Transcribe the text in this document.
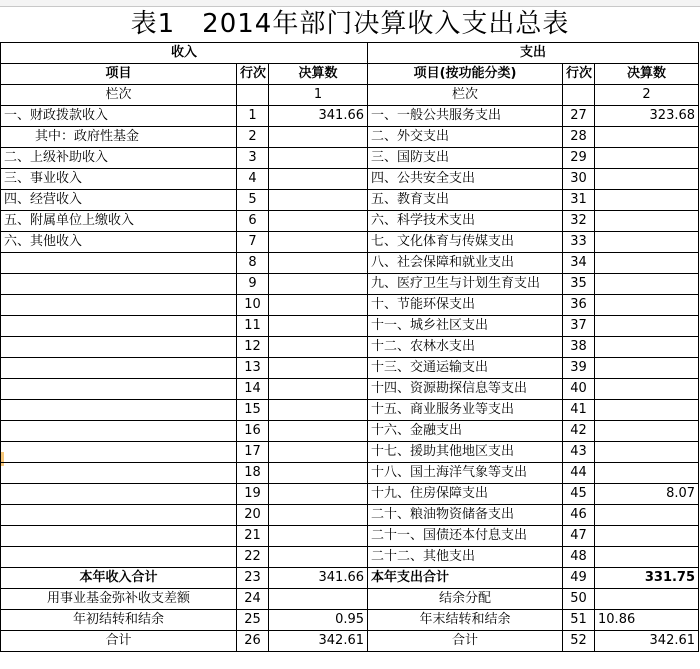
表1　2014年部门决算收入支出总表
收入			支出		
项目	行次	决算数	项目(按功能分类)	行次	决算数
栏次		1	栏次		2
一、财政拨款收入	1	341.66	一、一般公共服务支出	27	323.68
其中：政府性基金	2		二、外交支出	28	
二、上级补助收入	3		三、国防支出	29	
三、事业收入	4		四、公共安全支出	30	
四、经营收入	5		五、教育支出	31	
五、附属单位上缴收入	6		六、科学技术支出	32	
六、其他收入	7		七、文化体育与传媒支出	33	
	8		八、社会保障和就业支出	34	
	9		九、医疗卫生与计划生育支出	35	
	10		十、节能环保支出	36	
	11		十一、城乡社区支出	37	
	12		十二、农林水支出	38	
	13		十三、交通运输支出	39	
	14		十四、资源勘探信息等支出	40	
	15		十五、商业服务业等支出	41	
	16		十六、金融支出	42	
	17		十七、援助其他地区支出	43	
	18		十八、国土海洋气象等支出	44	
	19		十九、住房保障支出	45	8.07
	20		二十、粮油物资储备支出	46	
	21		二十一、国债还本付息支出	47	
	22		二十二、其他支出	48	
本年收入合计	23	341.66	本年支出合计	49	331.75
用事业基金弥补收支差额	24		结余分配	50	
年初结转和结余	25	0.95	年末结转和结余	51	10.86
合计	26	342.61	合计	52	342.61
